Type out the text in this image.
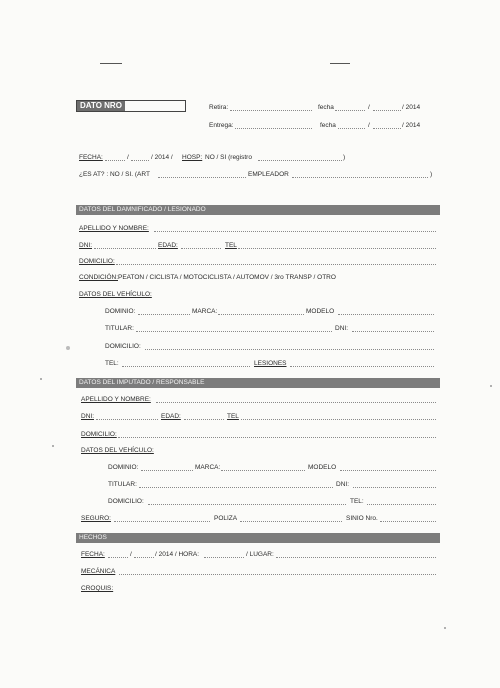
DATO NRO	Retira:	fecha	/	/ 2014
Entrega:	fecha	/	/ 2014
FECHA:	/	/ 2014 / HOSP: NO / SI (registro	)
¿ES AT? : NO / SI. (ART	EMPLEADOR	)
DATOS DEL DAMNIFICADO / LESIONADO
APELLIDO Y NOMBRE:
DNI:	EDAD:	TEL
DOMICILIO:
CONDICIÓN: PEATON / CICLISTA / MOTOCICLISTA / AUTOMOV / 3ro TRANSP / OTRO
DATOS DEL VEHÍCULO:
DOMINIO:	MARCA:	MODELO
TITULAR:	DNI:
DOMICILIO:
TEL:	LESIONES
DATOS DEL IMPUTADO / RESPONSABLE
APELLIDO Y NOMBRE:
DNI:	EDAD:	TEL
DOMICILIO:
DATOS DEL VEHÍCULO:
DOMINIO:	MARCA:	MODELO
TITULAR:	DNI:
DOMICILIO:	TEL:
SEGURO:	POLIZA	SINIO Nro.
HECHOS
FECHA:	/	/ 2014 / HORA:	/ LUGAR:
MECÁNICA
CROQUIS:
